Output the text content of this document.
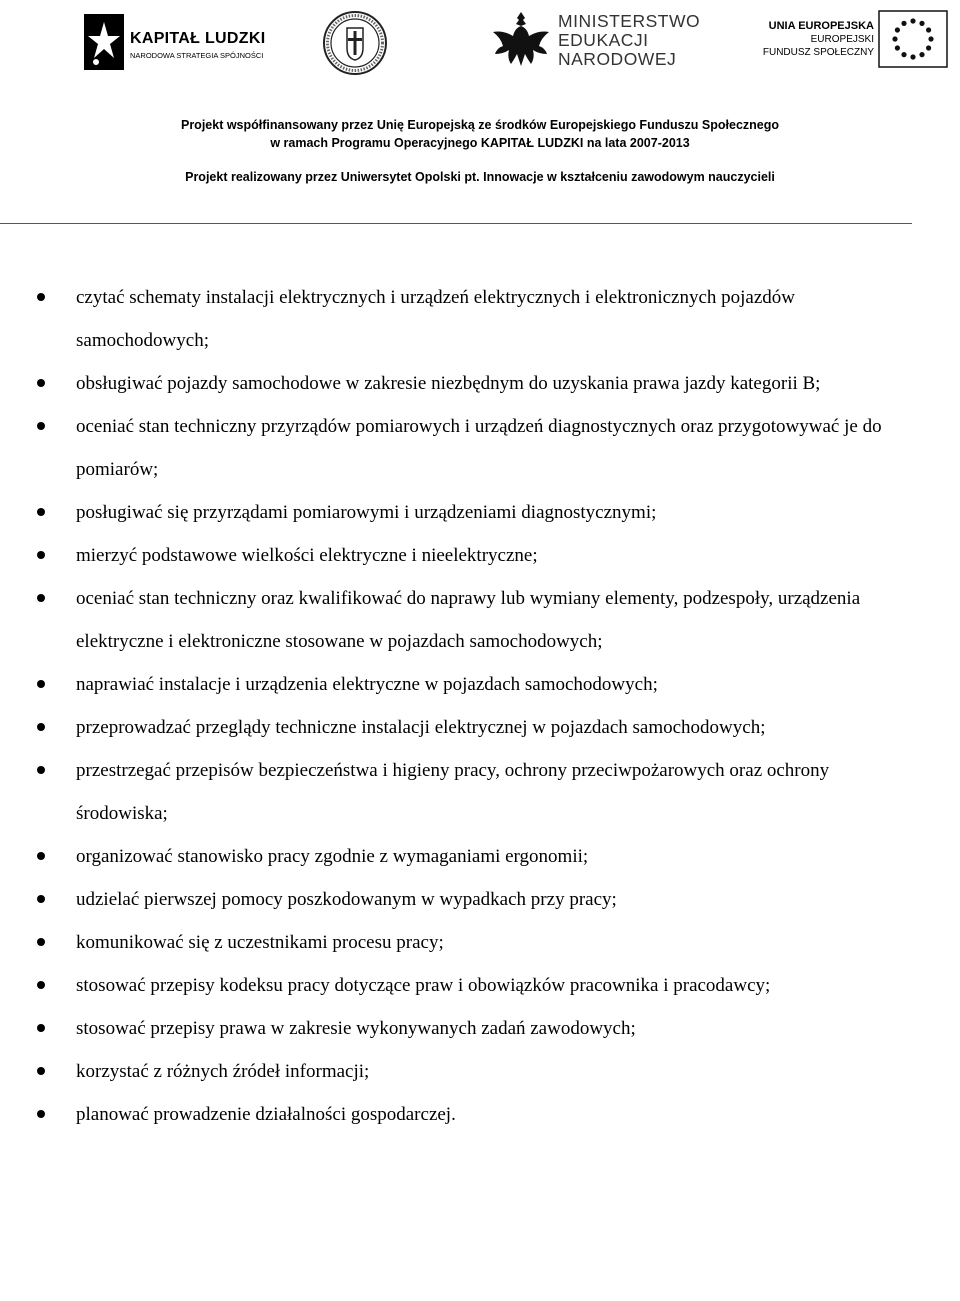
KAPITAŁ LUDZKI
NARODOWA STRATEGIA SPÓJNOŚCI
MINISTERSTWO
EDUKACJI
NARODOWEJ
UNIA EUROPEJSKA
EUROPEJSKI
FUNDUSZ SPOŁECZNY
Projekt współfinansowany przez Unię Europejską ze środków Europejskiego Funduszu Społecznego
w ramach Programu Operacyjnego KAPITAŁ LUDZKI na lata 2007-2013
Projekt realizowany przez Uniwersytet Opolski pt. Innowacje w kształceniu zawodowym nauczycieli
czytać schematy instalacji elektrycznych i urządzeń elektrycznych i elektronicznych pojazdów samochodowych;
obsługiwać pojazdy samochodowe w zakresie niezbędnym do uzyskania prawa jazdy kategorii B;
oceniać stan techniczny przyrządów pomiarowych i urządzeń diagnostycznych oraz przygotowywać je do pomiarów;
posługiwać się przyrządami pomiarowymi i urządzeniami diagnostycznymi;
mierzyć podstawowe wielkości elektryczne i nieelektryczne;
oceniać stan techniczny oraz kwalifikować do naprawy lub wymiany elementy, podzespoły, urządzenia elektryczne i elektroniczne stosowane w pojazdach samochodowych;
naprawiać instalacje i urządzenia elektryczne w pojazdach samochodowych;
przeprowadzać przeglądy techniczne instalacji elektrycznej w pojazdach samochodowych;
przestrzegać przepisów bezpieczeństwa i higieny pracy, ochrony przeciwpożarowych oraz ochrony środowiska;
organizować stanowisko pracy zgodnie z wymaganiami ergonomii;
udzielać pierwszej pomocy poszkodowanym w wypadkach przy pracy;
komunikować się z uczestnikami procesu pracy;
stosować przepisy kodeksu pracy dotyczące praw i obowiązków pracownika i pracodawcy;
stosować przepisy prawa w zakresie wykonywanych zadań zawodowych;
korzystać z różnych źródeł informacji;
planować prowadzenie działalności gospodarczej.
